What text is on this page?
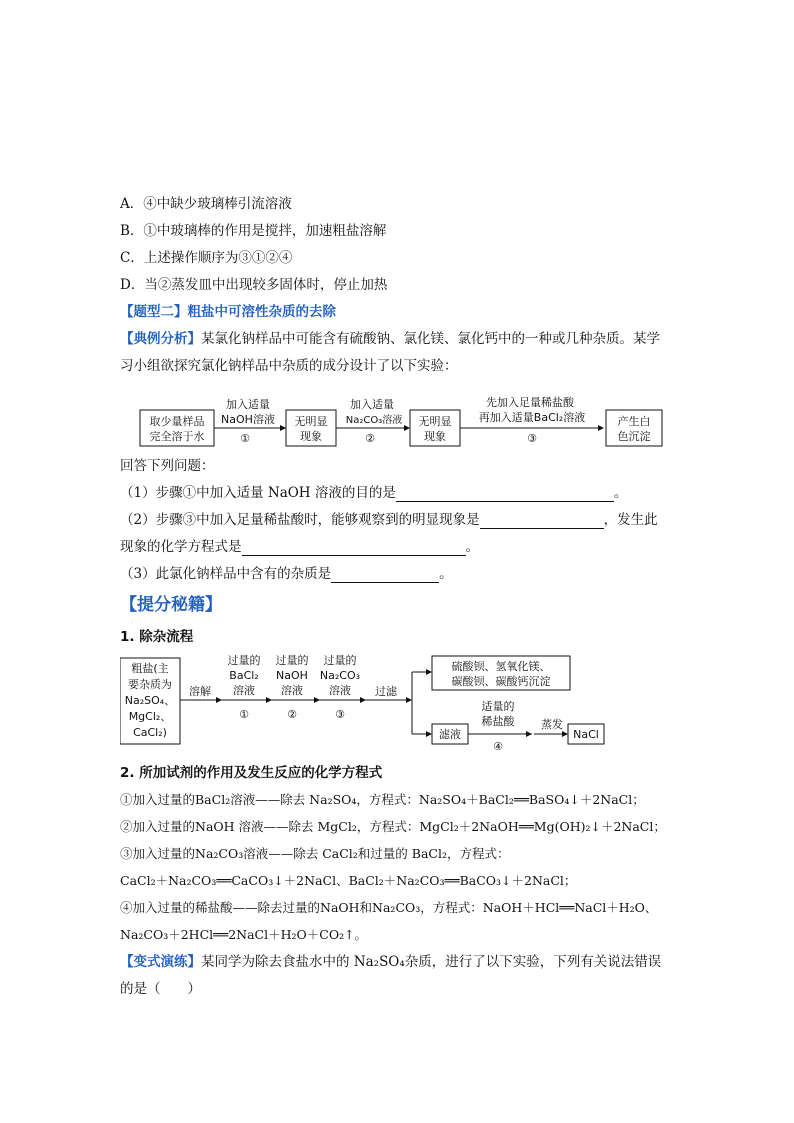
A．④中缺少玻璃棒引流溶液
B．①中玻璃棒的作用是搅拌，加速粗盐溶解
C．上述操作顺序为③①②④
D．当②蒸发皿中出现较多固体时，停止加热
【题型二】粗盐中可溶性杂质的去除
【典例分析】某氯化钠样品中可能含有硫酸钠、氯化镁、氯化钙中的一种或几种杂质。某学
习小组欲探究氯化钠样品中杂质的成分设计了以下实验：
取少量样品
完全溶于水
加入适量
NaOH溶液
①
无明显
现象
加入适量
Na₂CO₃溶液
②
无明显
现象
先加入足量稀盐酸
再加入适量BaCl₂溶液
③
产生白
色沉淀
回答下列问题：
（1）步骤①中加入适量 NaOH 溶液的目的是	。
（2）步骤③中加入足量稀盐酸时，能够观察到的明显现象是	，发生此
现象的化学方程式是	。
（3）此氯化钠样品中含有的杂质是	。
【提分秘籍】
1. 除杂流程
粗盐(主
要杂质为
Na₂SO₄、
MgCl₂、
CaCl₂)
溶解
过量的
BaCl₂
溶液
①
过量的
NaOH
溶液
②
过量的
Na₂CO₃
溶液
③
过滤
硫酸钡、氢氧化镁、
碳酸钡、碳酸钙沉淀
滤液
适量的
稀盐酸
④
蒸发
NaCl
2. 所加试剂的作用及发生反应的化学方程式
①加入过量的BaCl₂溶液——除去 Na₂SO₄，方程式：Na₂SO₄＋BaCl₂══BaSO₄↓＋2NaCl；
②加入过量的NaOH 溶液——除去 MgCl₂，方程式：MgCl₂＋2NaOH══Mg(OH)₂↓＋2NaCl；
③加入过量的Na₂CO₃溶液——除去 CaCl₂和过量的 BaCl₂，方程式：
CaCl₂＋Na₂CO₃══CaCO₃↓＋2NaCl、BaCl₂＋Na₂CO₃══BaCO₃↓＋2NaCl；
④加入过量的稀盐酸——除去过量的NaOH和Na₂CO₃，方程式：NaOH＋HCl══NaCl＋H₂O、
Na₂CO₃＋2HCl══2NaCl＋H₂O＋CO₂↑。
【变式演练】某同学为除去食盐水中的 Na₂SO₄杂质，进行了以下实验，下列有关说法错误
的是（　　）
